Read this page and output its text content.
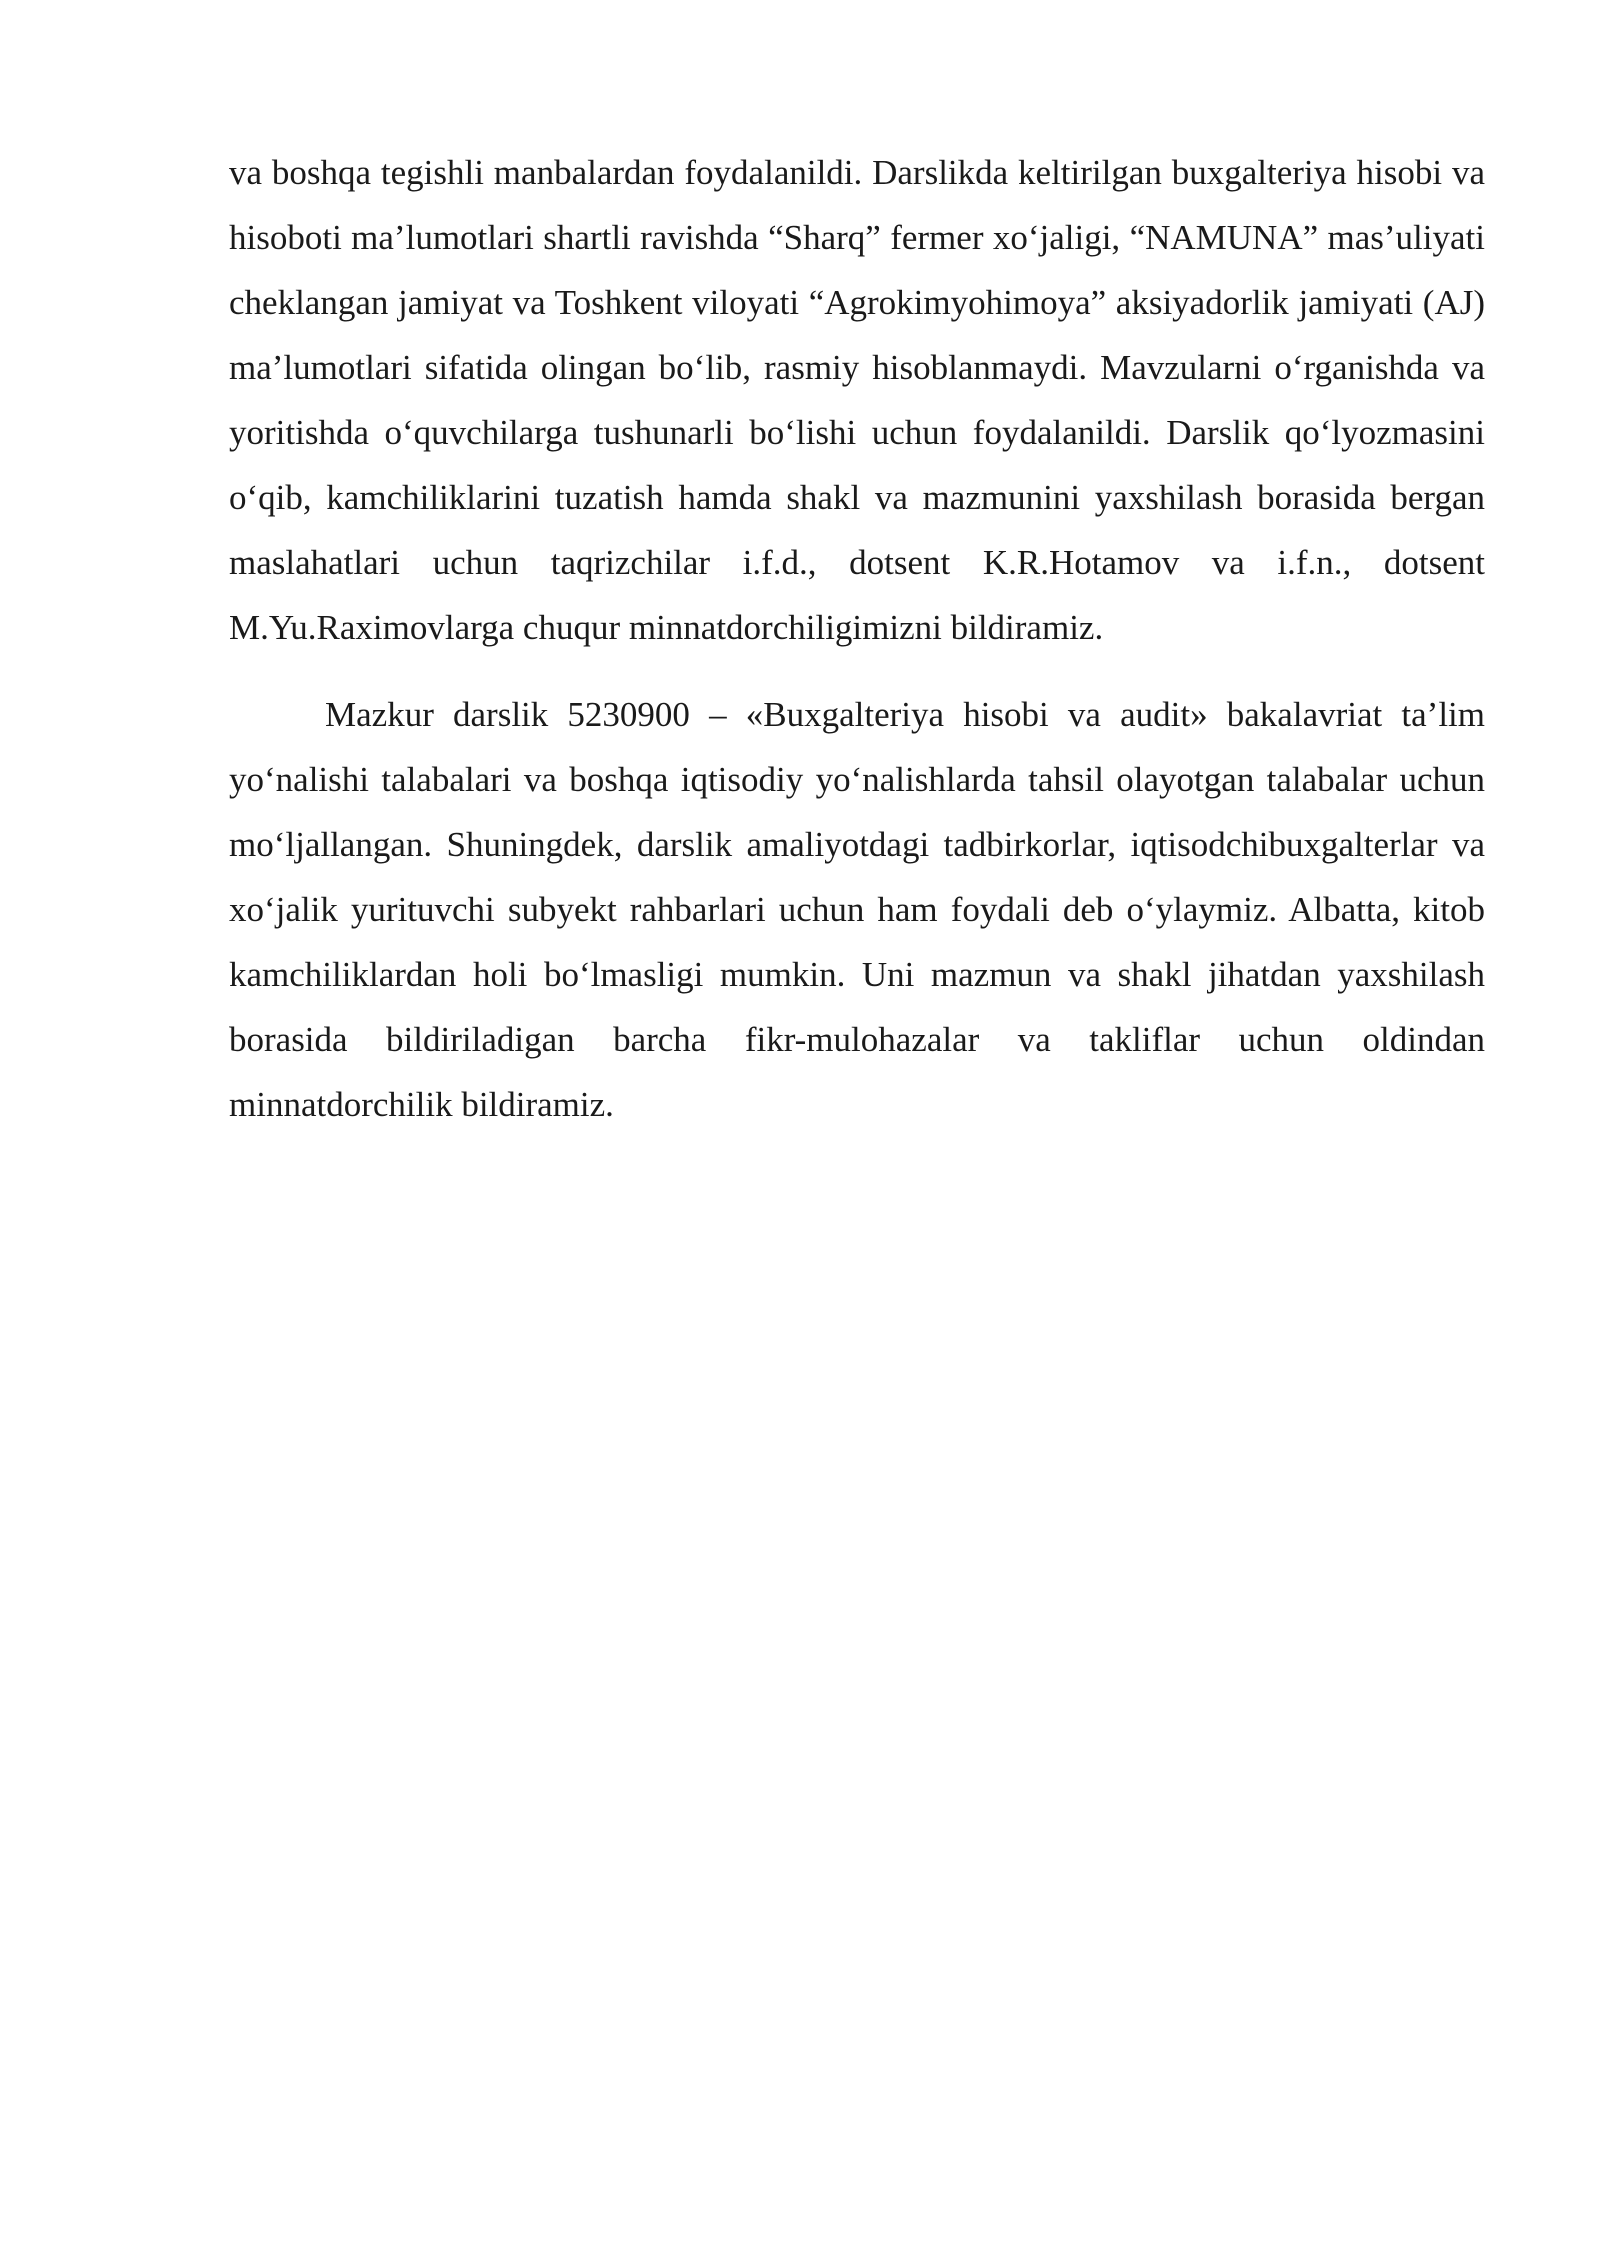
va boshqa tegishli manbalardan foydalanildi. Darslikda keltirilgan buxgalteriya hisobi va hisoboti ma’lumotlari shartli ravishda “Sharq” fermer xo‘jaligi, “NAMUNA” mas’uliyati cheklangan jamiyat va Toshkent viloyati “Agrokimyohimoya” aksiyadorlik jamiyati (AJ) ma’lumotlari sifatida olingan bo‘lib, rasmiy hisoblanmaydi. Mavzularni o‘rganishda va yoritishda o‘quvchilarga tushunarli bo‘lishi uchun foydalanildi. Darslik qo‘lyozmasini o‘qib, kamchiliklarini tuzatish hamda shakl va mazmunini yaxshilash borasida bergan maslahatlari uchun taqrizchilar i.f.d., dotsent K.R.Hotamov va i.f.n., dotsent M.Yu.Raximovlarga chuqur minnatdorchiligimizni bildiramiz.

Mazkur darslik 5230900 – «Buxgalteriya hisobi va audit» bakalavriat ta’lim yo‘nalishi talabalari va boshqa iqtisodiy yo‘nalishlarda tahsil olayotgan talabalar uchun mo‘ljallangan. Shuningdek, darslik amaliyotdagi tadbirkorlar, iqtisodchibuxgalterlar va xo‘jalik yurituvchi subyekt rahbarlari uchun ham foydali deb o‘ylaymiz. Albatta, kitob kamchiliklardan holi bo‘lmasligi mumkin. Uni mazmun va shakl jihatdan yaxshilash borasida bildiriladigan barcha fikr-mulohazalar va takliflar uchun oldindan minnatdorchilik bildiramiz.
